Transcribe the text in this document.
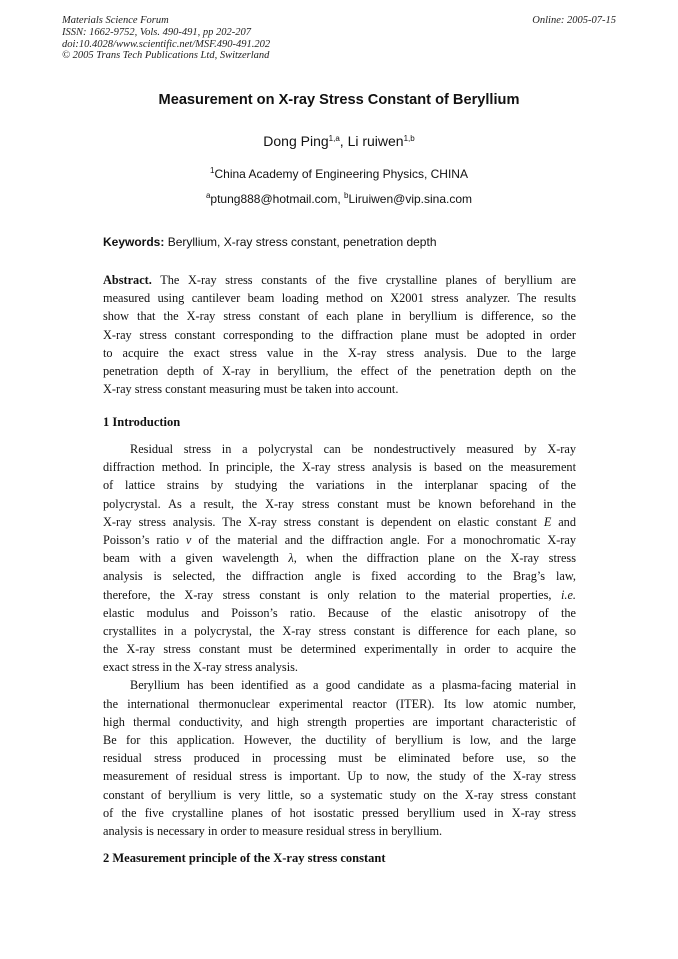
Materials Science Forum
ISSN: 1662-9752, Vols. 490-491, pp 202-207
doi:10.4028/www.scientific.net/MSF.490-491.202
© 2005 Trans Tech Publications Ltd, Switzerland
Online: 2005-07-15
Measurement on X-ray Stress Constant of Beryllium
Dong Ping$^{1,a}$, Li ruiwen$^{1,b}$
$^1$China Academy of Engineering Physics, CHINA
$^a$ptung888@hotmail.com, $^b$Liruiwen@vip.sina.com
Keywords: Beryllium, X-ray stress constant, penetration depth
Abstract. The X-ray stress constants of the five crystalline planes of beryllium are
measured using cantilever beam loading method on X2001 stress analyzer. The results
show that the X-ray stress constant of each plane in beryllium is difference, so the
X-ray stress constant corresponding to the diffraction plane must be adopted in order
to acquire the exact stress value in the X-ray stress analysis. Due to the large
penetration depth of X-ray in beryllium, the effect of the penetration depth on the
X-ray stress constant measuring must be taken into account.
1 Introduction
Residual stress in a polycrystal can be nondestructively measured by X-ray
diffraction method. In principle, the X-ray stress analysis is based on the measurement
of lattice strains by studying the variations in the interplanar spacing of the
polycrystal. As a result, the X-ray stress constant must be known beforehand in the
X-ray stress analysis. The X-ray stress constant is dependent on elastic constant E and
Poisson’s ratio ν of the material and the diffraction angle. For a monochromatic X-ray
beam with a given wavelength λ, when the diffraction plane on the X-ray stress
analysis is selected, the diffraction angle is fixed according to the Brag’s law,
therefore, the X-ray stress constant is only relation to the material properties, i.e.
elastic modulus and Poisson’s ratio. Because of the elastic anisotropy of the
crystallites in a polycrystal, the X-ray stress constant is difference for each plane, so
the X-ray stress constant must be determined experimentally in order to acquire the
exact stress in the X-ray stress analysis.
Beryllium has been identified as a good candidate as a plasma-facing material in
the international thermonuclear experimental reactor (ITER). Its low atomic number,
high thermal conductivity, and high strength properties are important characteristic of
Be for this application. However, the ductility of beryllium is low, and the large
residual stress produced in processing must be eliminated before use, so the
measurement of residual stress is important. Up to now, the study of the X-ray stress
constant of beryllium is very little, so a systematic study on the X-ray stress constant
of the five crystalline planes of hot isostatic pressed beryllium used in X-ray stress
analysis is necessary in order to measure residual stress in beryllium.
2 Measurement principle of the X-ray stress constant
